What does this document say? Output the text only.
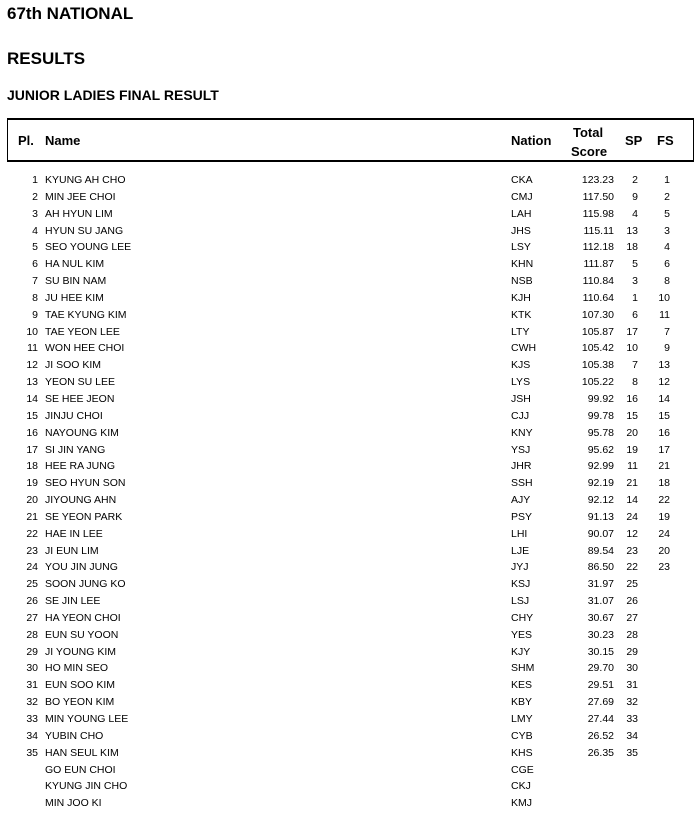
67th NATIONAL
RESULTS
JUNIOR LADIES FINAL RESULT
Pl. Name	Nation
Total
Score
SP FS
1 KYUNG AH CHO	CKA	123.23	2	1
2 MIN JEE CHOI	CMJ	117.50	9	2
3 AH HYUN LIM	LAH	115.98	4	5
4 HYUN SU JANG	JHS	115.11	13	3
5 SEO YOUNG LEE	LSY	112.18	18	4
6 HA NUL KIM	KHN	111.87	5	6
7 SU BIN NAM	NSB	110.84	3	8
8 JU HEE KIM	KJH	110.64	1	10
9 TAE KYUNG KIM	KTK	107.30	6	11
10 TAE YEON LEE	LTY	105.87	17	7
11 WON HEE CHOI	CWH	105.42	10	9
12 JI SOO KIM	KJS	105.38	7	13
13 YEON SU LEE	LYS	105.22	8	12
14 SE HEE JEON	JSH	99.92	16	14
15 JINJU CHOI	CJJ	99.78	15	15
16 NAYOUNG KIM	KNY	95.78	20	16
17 SI JIN YANG	YSJ	95.62	19	17
18 HEE RA JUNG	JHR	92.99	11	21
19 SEO HYUN SON	SSH	92.19	21	18
20 JIYOUNG AHN	AJY	92.12	14	22
21 SE YEON PARK	PSY	91.13	24	19
22 HAE IN LEE	LHI	90.07	12	24
23 JI EUN LIM	LJE	89.54	23	20
24 YOU JIN JUNG	JYJ	86.50	22	23
25 SOON JUNG KO	KSJ	31.97	25
26 SE JIN LEE	LSJ	31.07	26
27 HA YEON CHOI	CHY	30.67	27
28 EUN SU YOON	YES	30.23	28
29 JI YOUNG KIM	KJY	30.15	29
30 HO MIN SEO	SHM	29.70	30
31 EUN SOO KIM	KES	29.51	31
32 BO YEON KIM	KBY	27.69	32
33 MIN YOUNG LEE	LMY	27.44	33
34 YUBIN CHO	CYB	26.52	34
35 HAN SEUL KIM	KHS	26.35	35
GO EUN CHOI	CGE
KYUNG JIN CHO	CKJ
MIN JOO KI	KMJ
